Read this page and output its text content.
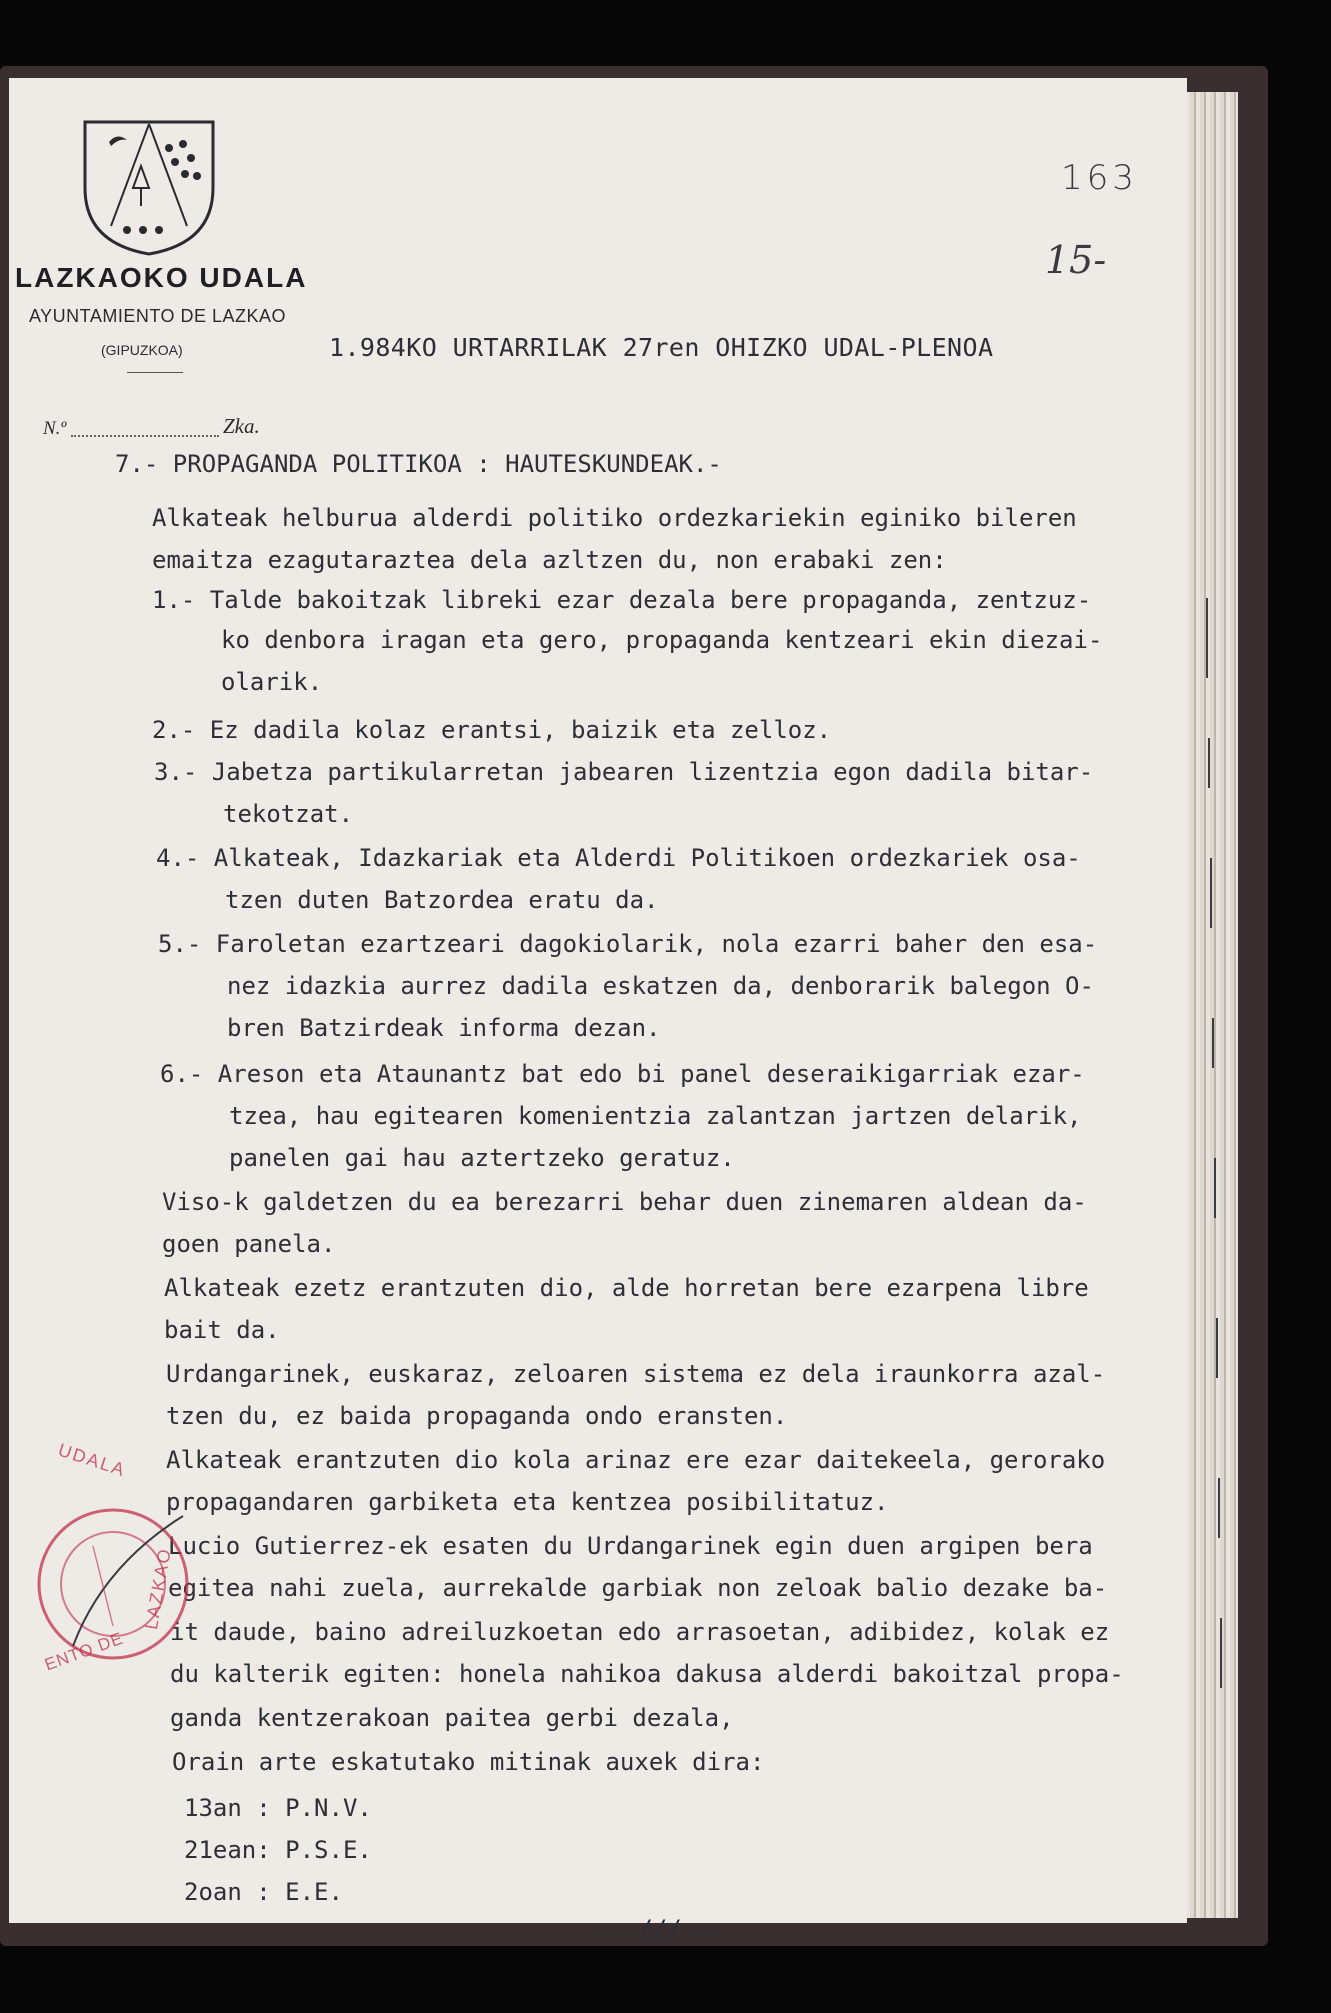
LAZKAOKO UDALA
AYUNTAMIENTO DE LAZKAO
(GIPUZKOA)
N.º	Zka.
163
15-
1.984KO URTARRILAK 27ren OHIZKO UDAL-PLENOA
7.- PROPAGANDA POLITIKOA : HAUTESKUNDEAK.-
Alkateak helburua alderdi politiko ordezkariekin eginiko bileren
emaitza ezagutaraztea dela azltzen du, non erabaki zen:
1.- Talde bakoitzak libreki ezar dezala bere propaganda, zentzuz-
ko denbora iragan eta gero, propaganda kentzeari ekin diezai-
olarik.
2.- Ez dadila kolaz erantsi, baizik eta zelloz.
3.- Jabetza partikularretan jabearen lizentzia egon dadila bitar-
tekotzat.
4.- Alkateak, Idazkariak eta Alderdi Politikoen ordezkariek osa-
tzen duten Batzordea eratu da.
5.- Faroletan ezartzeari dagokiolarik, nola ezarri baher den esa-
nez idazkia aurrez dadila eskatzen da, denborarik balegon O-
bren Batzirdeak informa dezan.
6.- Areson eta Ataunantz bat edo bi panel deseraikigarriak ezar-
tzea, hau egitearen komenientzia zalantzan jartzen delarik,
panelen gai hau aztertzeko geratuz.
Viso-k galdetzen du ea berezarri behar duen zinemaren aldean da-
goen panela.
Alkateak ezetz erantzuten dio, alde horretan bere ezarpena libre
bait da.
Urdangarinek, euskaraz, zeloaren sistema ez dela iraunkorra azal-
tzen du, ez baida propaganda ondo eransten.
Alkateak erantzuten dio kola arinaz ere ezar daitekeela, gerorako
propagandaren garbiketa eta kentzea posibilitatuz.
Lucio Gutierrez-ek esaten du Urdangarinek egin duen argipen bera
egitea nahi zuela, aurrekalde garbiak non zeloak balio dezake ba-
it daude, baino adreiluzkoetan edo arrasoetan, adibidez, kolak ez
du kalterik egiten: honela nahikoa dakusa alderdi bakoitzal propa-
ganda kentzerakoan paitea gerbi dezala,
Orain arte eskatutako mitinak auxek dira:
13an : P.N.V.
21ean: P.S.E.
2oan : E.E.
UDALA
LAZKAO
ENTO DE
...///...
